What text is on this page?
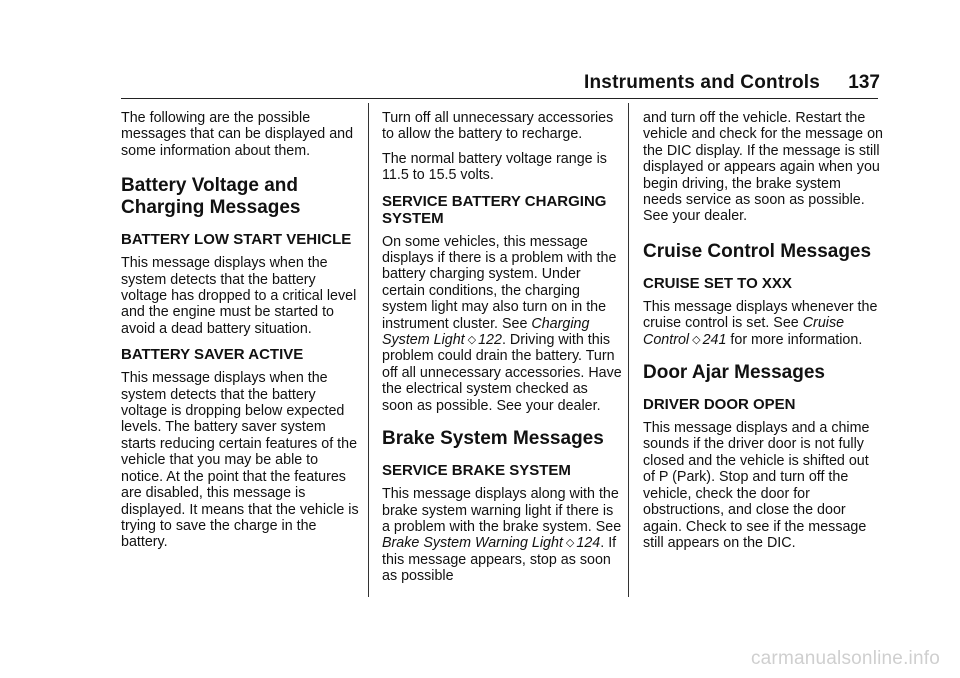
Instruments and Controls 137

The following are the possible messages that can be displayed and some information about them.

Battery Voltage and Charging Messages
BATTERY LOW START VEHICLE

This message displays when the system detects that the battery voltage has dropped to a critical level and the engine must be started to avoid a dead battery situation.

BATTERY SAVER ACTIVE

This message displays when the system detects that the battery voltage is dropping below expected levels. The battery saver system starts reducing certain features of the vehicle that you may be able to notice. At the point that the features are disabled, this message is displayed. It means that the vehicle is trying to save the charge in the battery.

Turn off all unnecessary accessories to allow the battery to recharge.

The normal battery voltage range is 11.5 to 15.5 volts.

SERVICE BATTERY CHARGING SYSTEM

On some vehicles, this message displays if there is a problem with the battery charging system. Under certain conditions, the charging system light may also turn on in the instrument cluster. See Charging System Light ◇ 122. Driving with this problem could drain the battery. Turn off all unnecessary accessories. Have the electrical system checked as soon as possible. See your dealer.

Brake System Messages
SERVICE BRAKE SYSTEM

This message displays along with the brake system warning light if there is a problem with the brake system. See Brake System Warning Light ◇ 124. If this message appears, stop as soon as possible

and turn off the vehicle. Restart the vehicle and check for the message on the DIC display. If the message is still displayed or appears again when you begin driving, the brake system needs service as soon as possible. See your dealer.

Cruise Control Messages
CRUISE SET TO XXX

This message displays whenever the cruise control is set. See Cruise Control ◇ 241 for more information.

Door Ajar Messages
DRIVER DOOR OPEN

This message displays and a chime sounds if the driver door is not fully closed and the vehicle is shifted out of P (Park). Stop and turn off the vehicle, check the door for obstructions, and close the door again. Check to see if the message still appears on the DIC.

carmanualsonline.info
